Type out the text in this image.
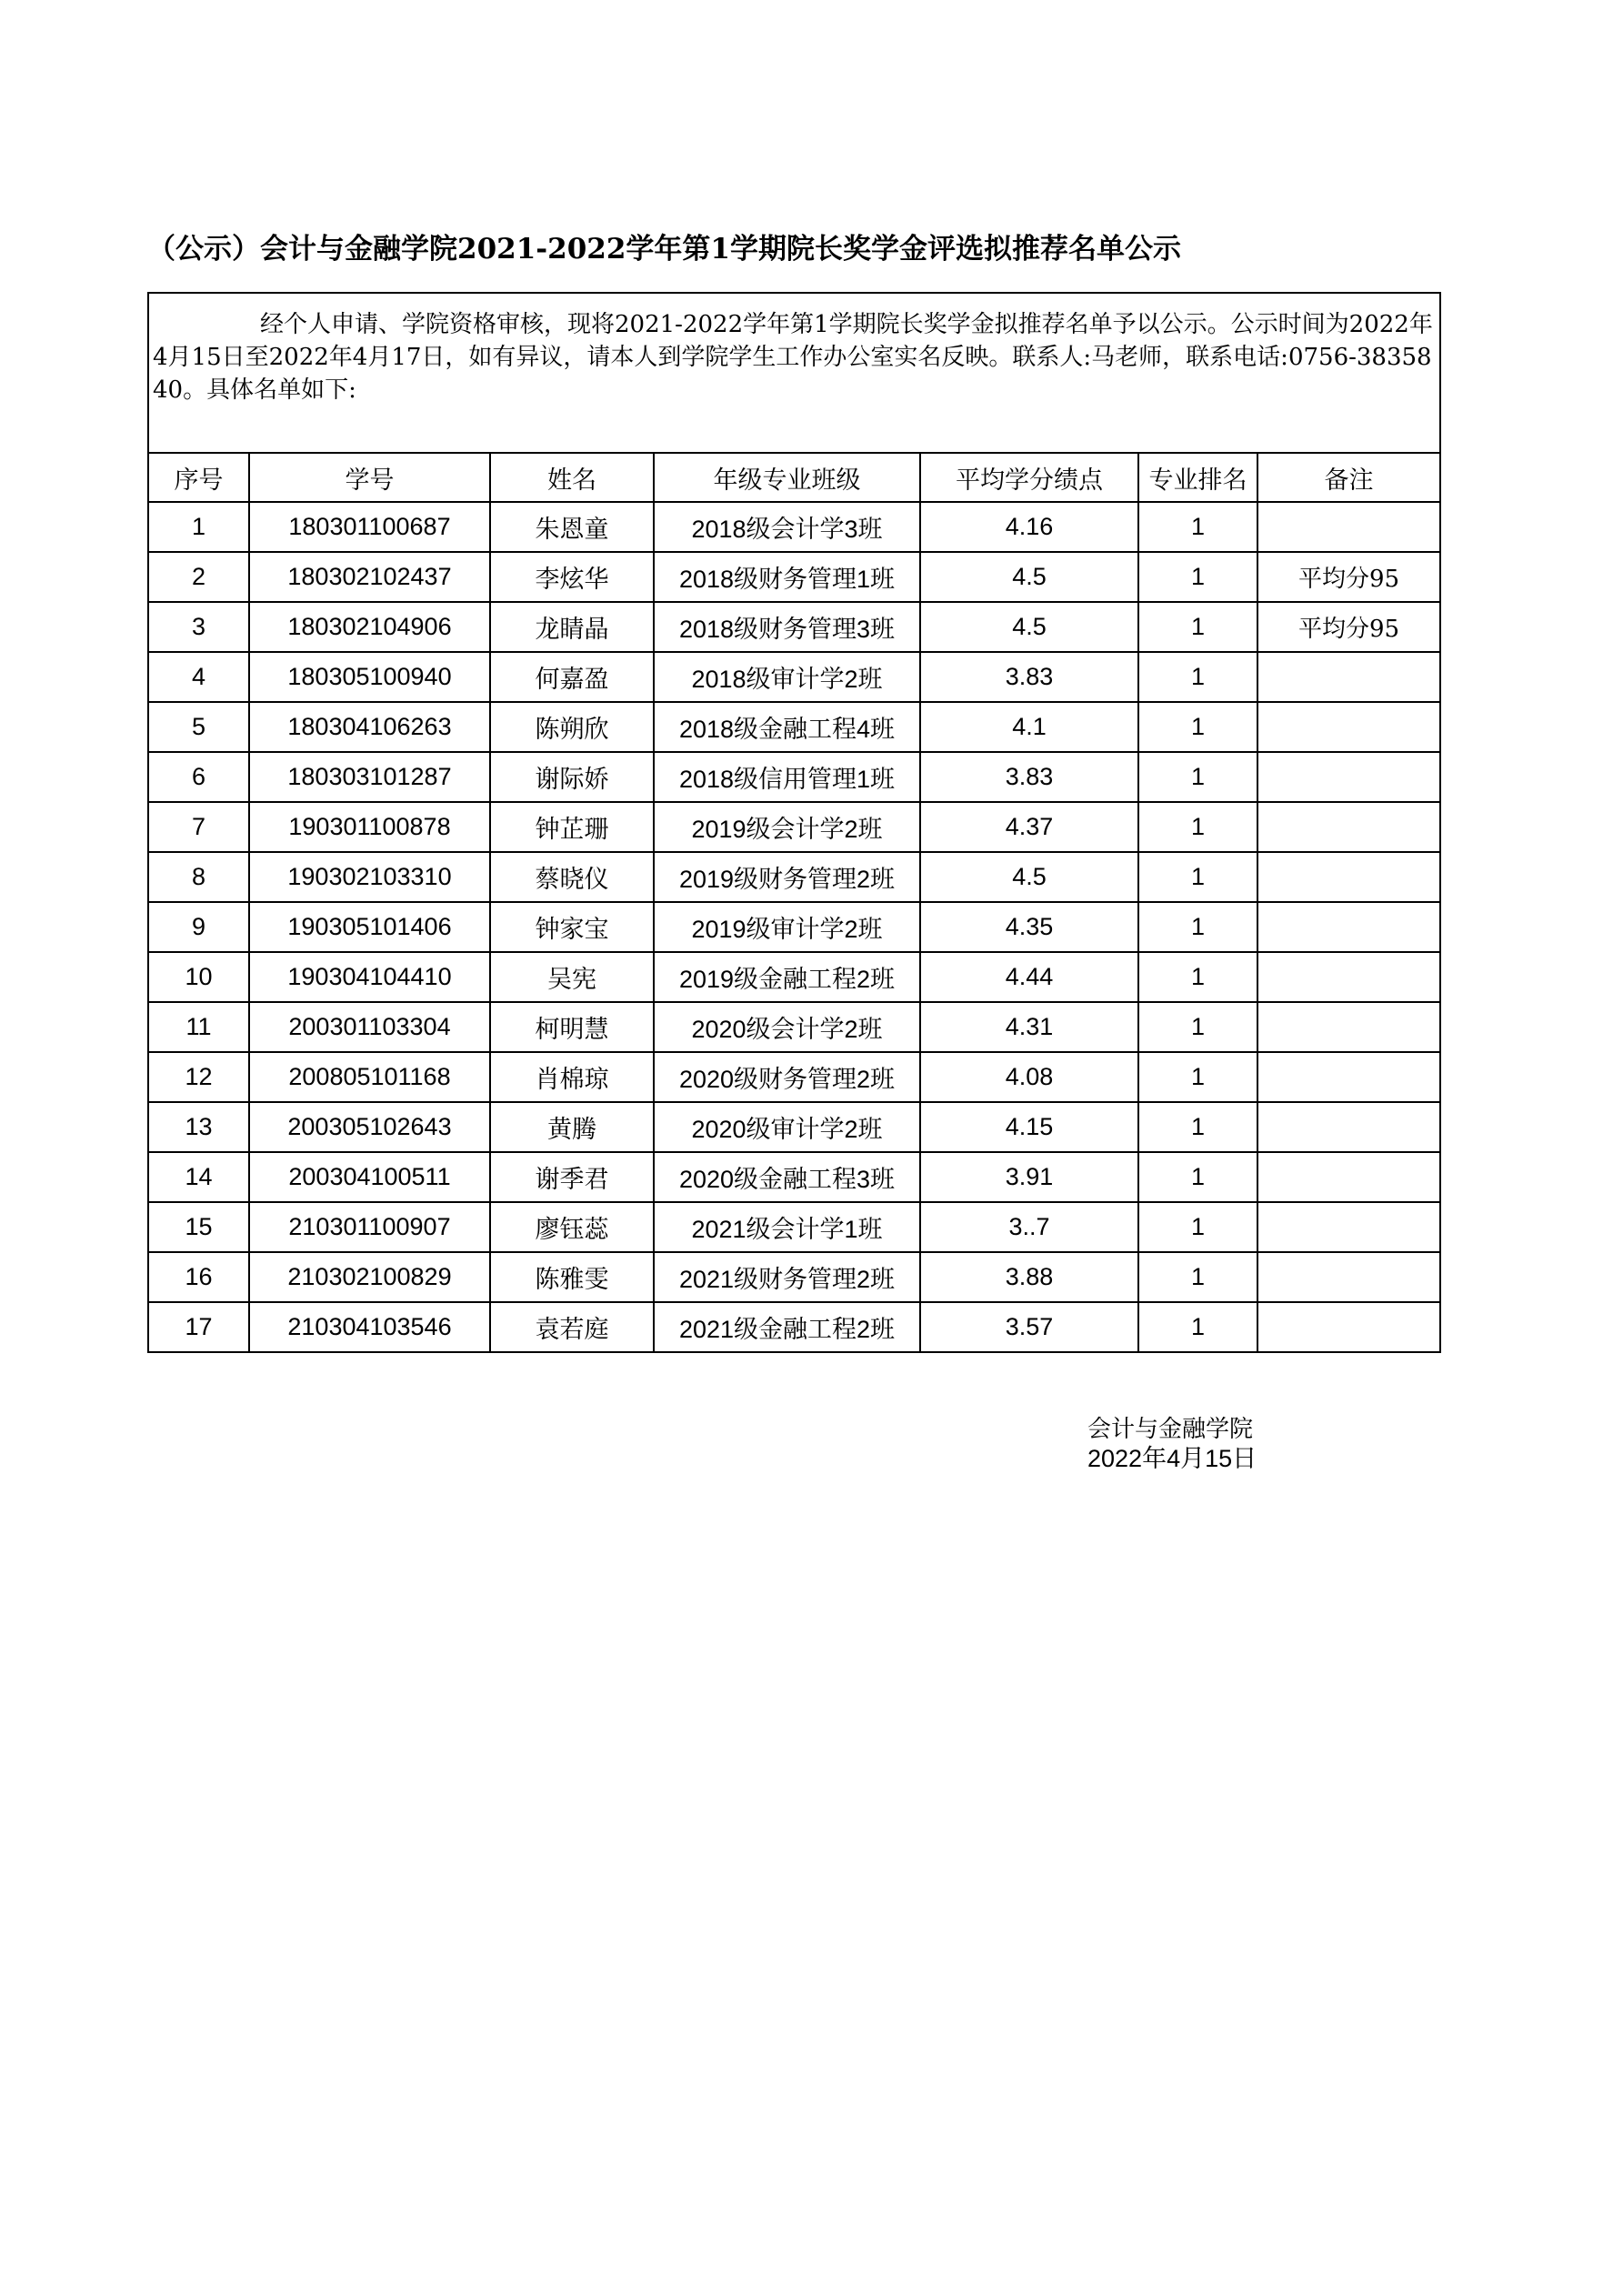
（公示）会计与金融学院2021-2022学年第1学期院长奖学金评选拟推荐名单公示
经个人申请、学院资格审核，现将2021-2022学年第1学期院长奖学金拟推荐名单予以公示。公示时间为2022年4月15日至2022年4月17日，如有异议，请本人到学院学生工作办公室实名反映。联系人:马老师，联系电话:0756-3835840。具体名单如下:						

序号	学号	姓名	年级专业班级	平均学分绩点	专业排名	备注
1	180301100687	朱恩童	2018级会计学3班	4.16	1	
2	180302102437	李炫华	2018级财务管理1班	4.5	1	平均分95
3	180302104906	龙睛晶	2018级财务管理3班	4.5	1	平均分95
4	180305100940	何嘉盈	2018级审计学2班	3.83	1	
5	180304106263	陈朔欣	2018级金融工程4班	4.1	1	
6	180303101287	谢际娇	2018级信用管理1班	3.83	1	
7	190301100878	钟芷珊	2019级会计学2班	4.37	1	
8	190302103310	蔡晓仪	2019级财务管理2班	4.5	1	
9	190305101406	钟家宝	2019级审计学2班	4.35	1	
10	190304104410	吴宪	2019级金融工程2班	4.44	1	
11	200301103304	柯明慧	2020级会计学2班	4.31	1	
12	200805101168	肖棉琼	2020级财务管理2班	4.08	1	
13	200305102643	黄腾	2020级审计学2班	4.15	1	
14	200304100511	谢季君	2020级金融工程3班	3.91	1	
15	210301100907	廖钰蕊	2021级会计学1班	3..7	1	
16	210302100829	陈雅雯	2021级财务管理2班	3.88	1	
17	210304103546	袁若庭	2021级金融工程2班	3.57	1	
会计与金融学院
2022年4月15日
